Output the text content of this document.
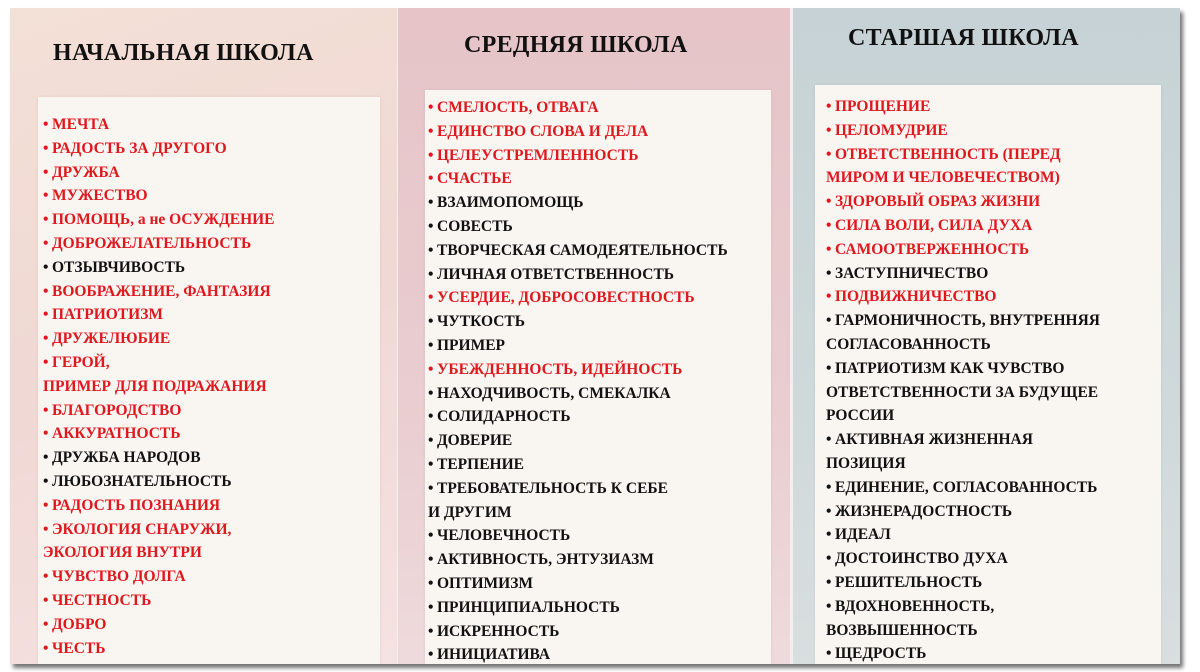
НАЧАЛЬНАЯ ШКОЛА
• МЕЧТА
• РАДОСТЬ ЗА ДРУГОГО
• ДРУЖБА
• МУЖЕСТВО
• ПОМОЩЬ, а не ОСУЖДЕНИЕ
• ДОБРОЖЕЛАТЕЛЬНОСТЬ
• ОТЗЫВЧИВОСТЬ
• ВООБРАЖЕНИЕ, ФАНТАЗИЯ
• ПАТРИОТИЗМ
• ДРУЖЕЛЮБИЕ
• ГЕРОЙ,
ПРИМЕР ДЛЯ ПОДРАЖАНИЯ
• БЛАГОРОДСТВО
• АККУРАТНОСТЬ
• ДРУЖБА НАРОДОВ
• ЛЮБОЗНАТЕЛЬНОСТЬ
• РАДОСТЬ ПОЗНАНИЯ
• ЭКОЛОГИЯ СНАРУЖИ,
ЭКОЛОГИЯ ВНУТРИ
• ЧУВСТВО ДОЛГА
• ЧЕСТНОСТЬ
• ДОБРО
• ЧЕСТЬ
СРЕДНЯЯ ШКОЛА
• СМЕЛОСТЬ, ОТВАГА
• ЕДИНСТВО СЛОВА И ДЕЛА
• ЦЕЛЕУСТРЕМЛЕННОСТЬ
• СЧАСТЬЕ
• ВЗАИМОПОМОЩЬ
• СОВЕСТЬ
• ТВОРЧЕСКАЯ САМОДЕЯТЕЛЬНОСТЬ
• ЛИЧНАЯ ОТВЕТСТВЕННОСТЬ
• УСЕРДИЕ, ДОБРОСОВЕСТНОСТЬ
• ЧУТКОСТЬ
• ПРИМЕР
• УБЕЖДЕННОСТЬ, ИДЕЙНОСТЬ
• НАХОДЧИВОСТЬ, СМЕКАЛКА
• СОЛИДАРНОСТЬ
• ДОВЕРИЕ
• ТЕРПЕНИЕ
• ТРЕБОВАТЕЛЬНОСТЬ К СЕБЕ
И ДРУГИМ
• ЧЕЛОВЕЧНОСТЬ
• АКТИВНОСТЬ, ЭНТУЗИАЗМ
• ОПТИМИЗМ
• ПРИНЦИПИАЛЬНОСТЬ
• ИСКРЕННОСТЬ
• ИНИЦИАТИВА
СТАРШАЯ ШКОЛА
• ПРОЩЕНИЕ
• ЦЕЛОМУДРИЕ
• ОТВЕТСТВЕННОСТЬ (ПЕРЕД
МИРОМ И ЧЕЛОВЕЧЕСТВОМ)
• ЗДОРОВЫЙ ОБРАЗ ЖИЗНИ
• СИЛА ВОЛИ, СИЛА ДУХА
• САМООТВЕРЖЕННОСТЬ
• ЗАСТУПНИЧЕСТВО
• ПОДВИЖНИЧЕСТВО
• ГАРМОНИЧНОСТЬ, ВНУТРЕННЯЯ
СОГЛАСОВАННОСТЬ
• ПАТРИОТИЗМ КАК ЧУВСТВО
ОТВЕТСТВЕННОСТИ ЗА БУДУЩЕЕ
РОССИИ
• АКТИВНАЯ ЖИЗНЕННАЯ
ПОЗИЦИЯ
• ЕДИНЕНИЕ, СОГЛАСОВАННОСТЬ
• ЖИЗНЕРАДОСТНОСТЬ
• ИДЕАЛ
• ДОСТОИНСТВО ДУХА
• РЕШИТЕЛЬНОСТЬ
• ВДОХНОВЕННОСТЬ,
ВОЗВЫШЕННОСТЬ
• ЩЕДРОСТЬ
